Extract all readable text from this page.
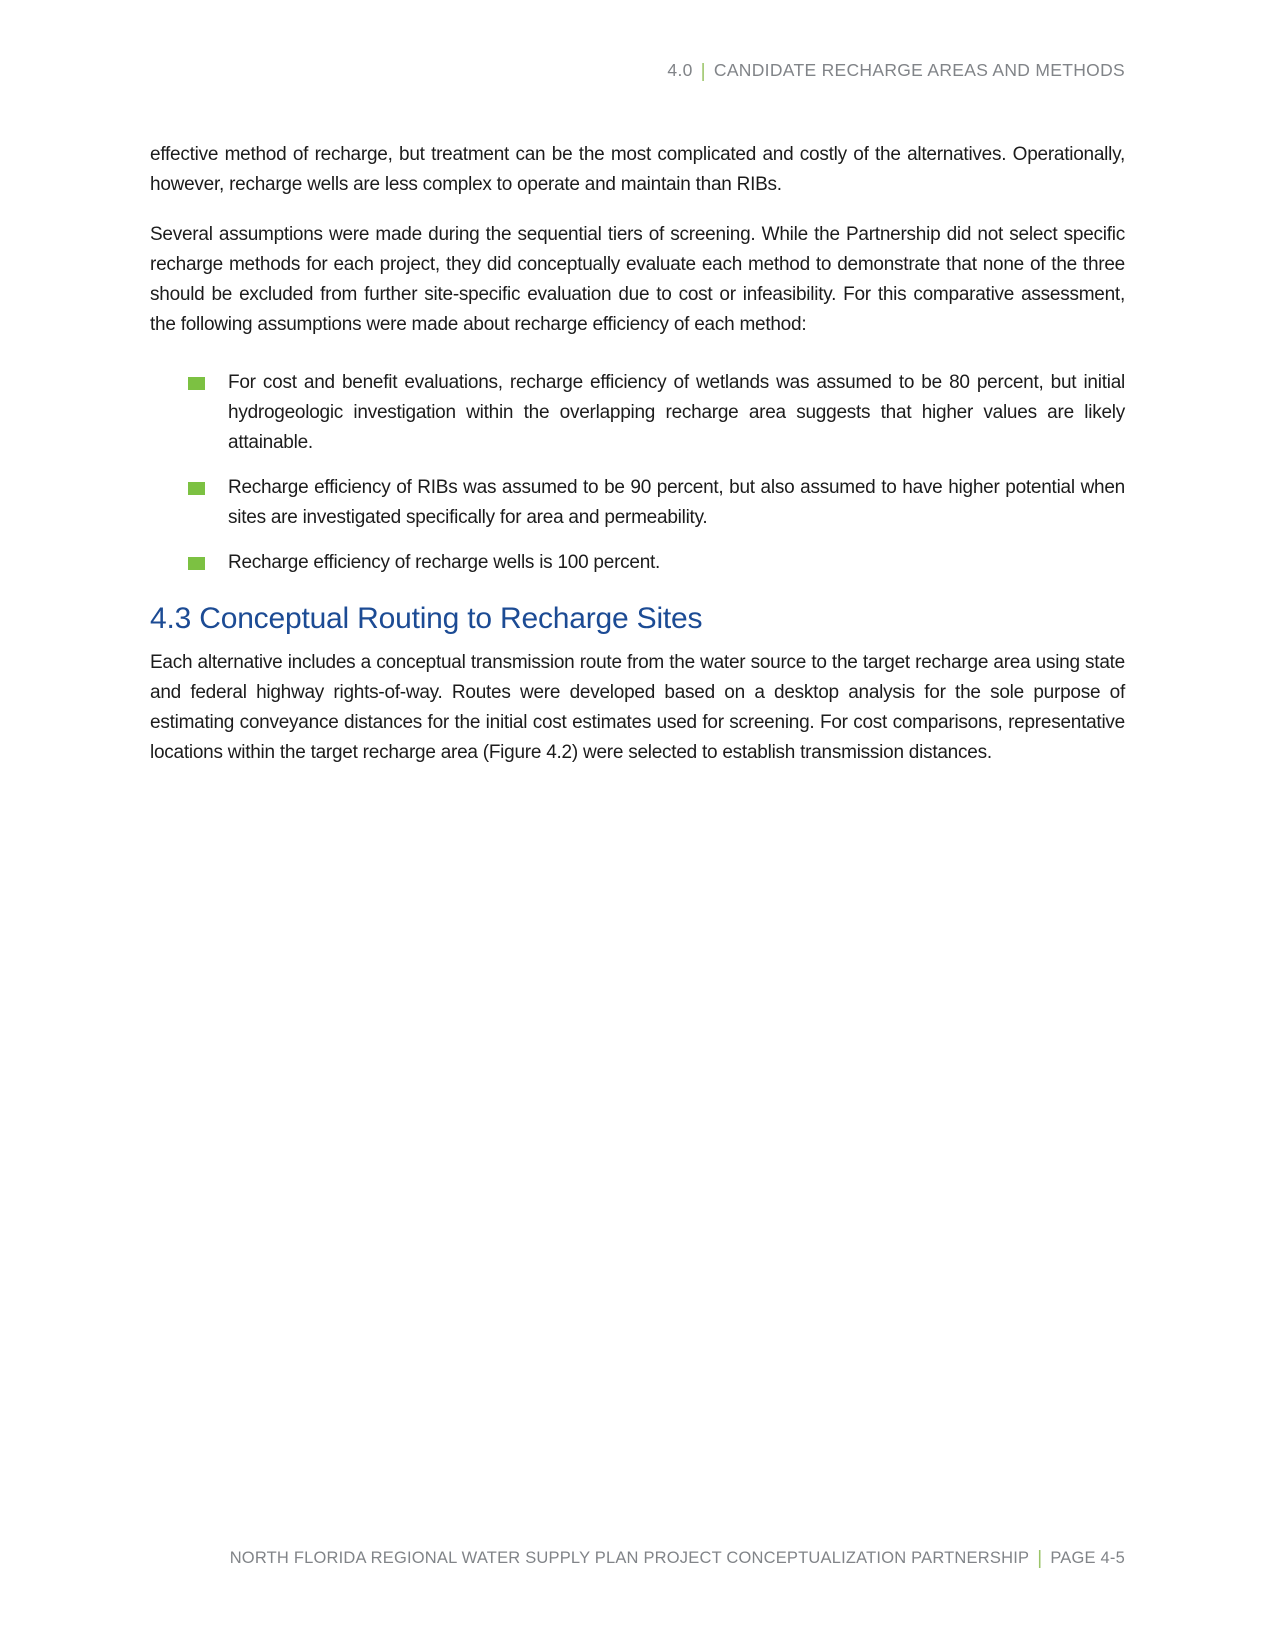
4.0 | CANDIDATE RECHARGE AREAS AND METHODS

effective method of recharge, but treatment can be the most complicated and costly of the alternatives. Operationally, however, recharge wells are less complex to operate and maintain than RIBs.

Several assumptions were made during the sequential tiers of screening. While the Partnership did not select specific recharge methods for each project, they did conceptually evaluate each method to demonstrate that none of the three should be excluded from further site-specific evaluation due to cost or infeasibility. For this comparative assessment, the following assumptions were made about recharge efficiency of each method:

For cost and benefit evaluations, recharge efficiency of wetlands was assumed to be 80 percent, but initial hydrogeologic investigation within the overlapping recharge area suggests that higher values are likely attainable.
Recharge efficiency of RIBs was assumed to be 90 percent, but also assumed to have higher potential when sites are investigated specifically for area and permeability.
Recharge efficiency of recharge wells is 100 percent.
4.3 Conceptual Routing to Recharge Sites

Each alternative includes a conceptual transmission route from the water source to the target recharge area using state and federal highway rights-of-way. Routes were developed based on a desktop analysis for the sole purpose of estimating conveyance distances for the initial cost estimates used for screening. For cost comparisons, representative locations within the target recharge area (Figure 4.2) were selected to establish transmission distances.

NORTH FLORIDA REGIONAL WATER SUPPLY PLAN PROJECT CONCEPTUALIZATION PARTNERSHIP | PAGE 4-5
